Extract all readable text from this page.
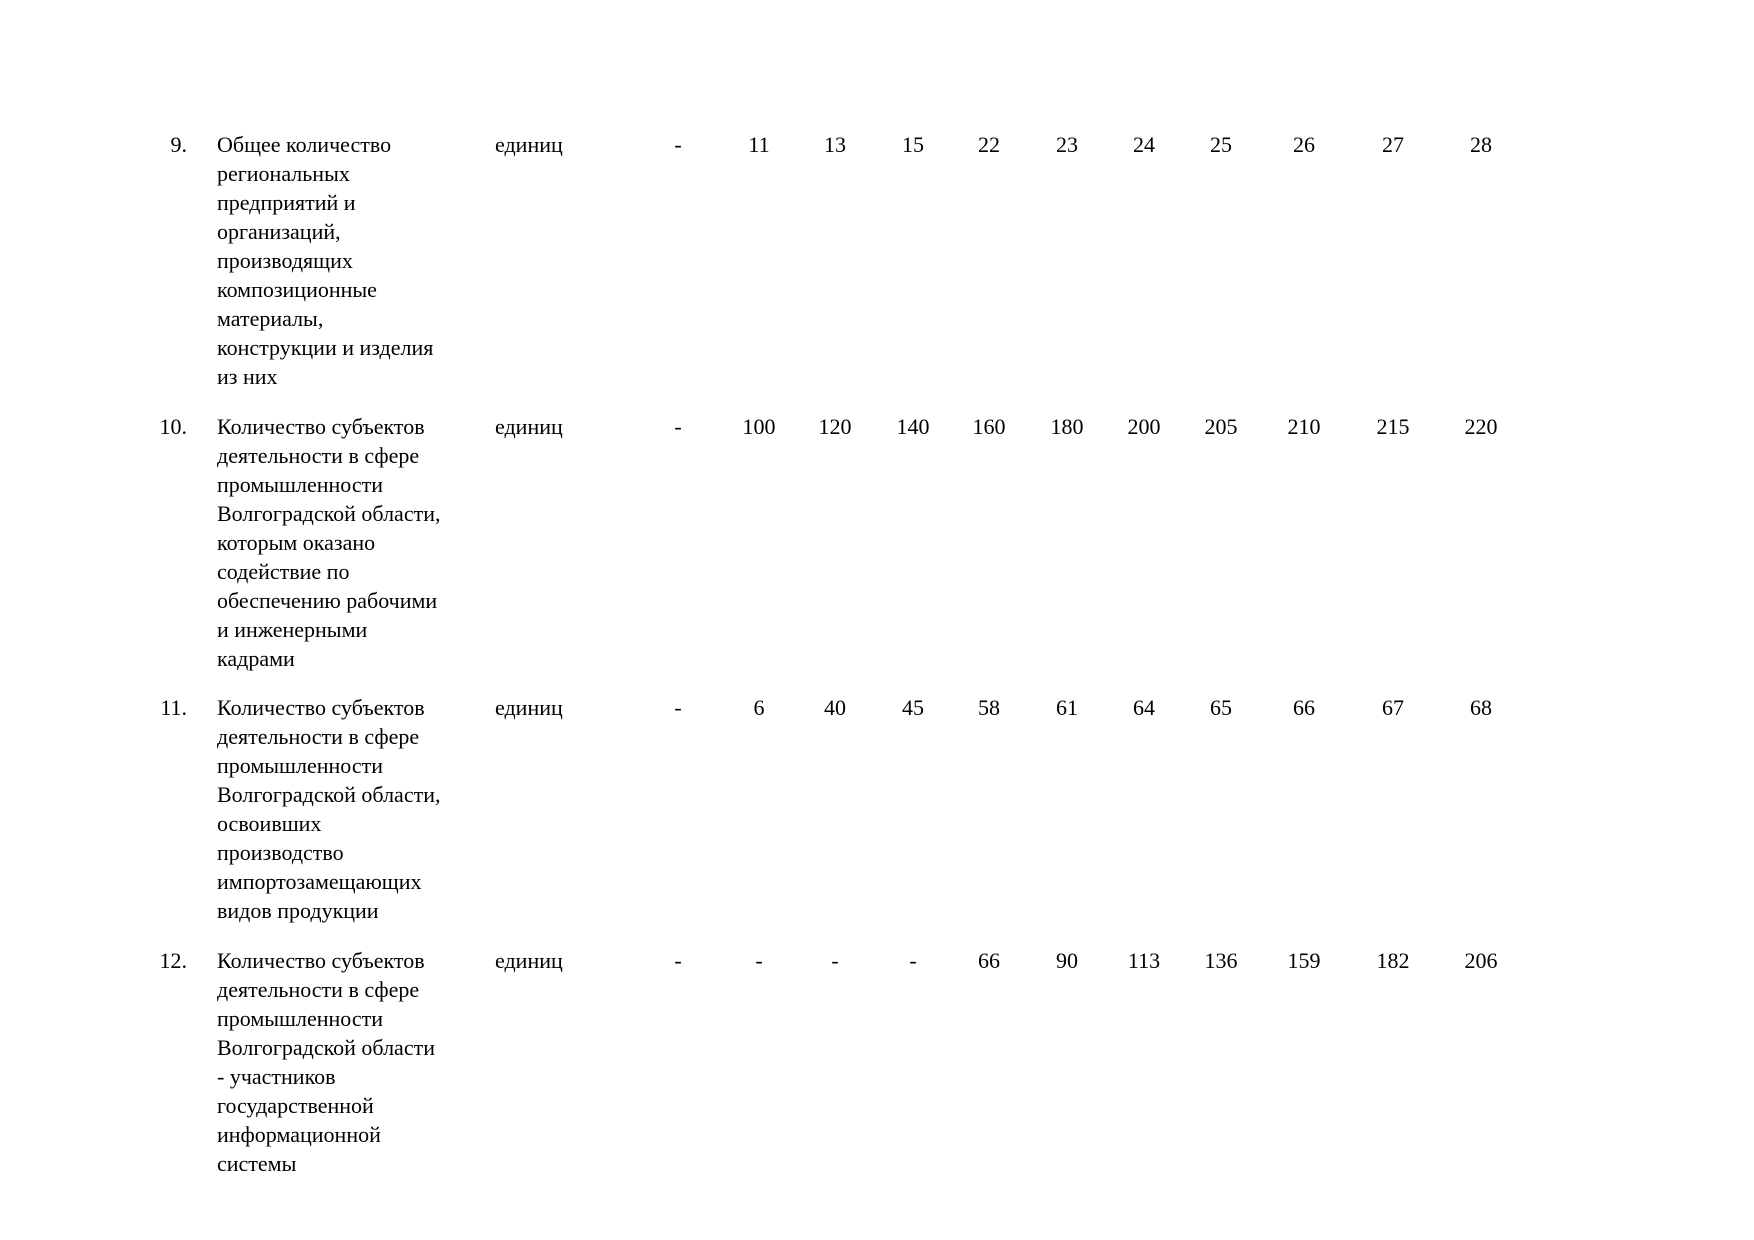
9. Общее количество
региональных
предприятий и
организаций,
производящих
композиционные
материалы,
конструкции и изделия
из них
единиц	-	11	13	15	22	23	24	25	26	27	28
10. Количество субъектов
деятельности в сфере
промышленности
Волгоградской области,
которым оказано
содействие по
обеспечению рабочими
и инженерными
кадрами
единиц	-	100	120	140	160	180	200	205	210	215	220
11. Количество субъектов
деятельности в сфере
промышленности
Волгоградской области,
освоивших
производство
импортозамещающих
видов продукции
единиц	-	6	40	45	58	61	64	65	66	67	68
12. Количество субъектов
деятельности в сфере
промышленности
Волгоградской области
- участников
государственной
информационной
системы
единиц	-	-	-	-	66	90	113	136	159	182	206
